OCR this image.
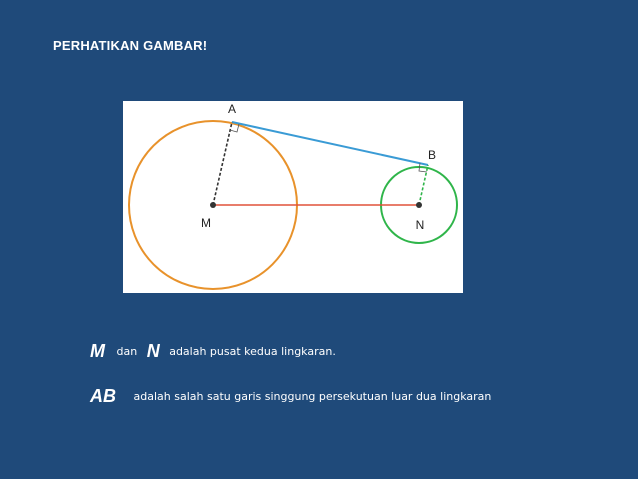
PERHATIKAN GAMBAR!
A
B
M	N
M dan N adalah pusat kedua lingkaran.
AB adalah salah satu garis singgung persekutuan luar dua lingkaran
